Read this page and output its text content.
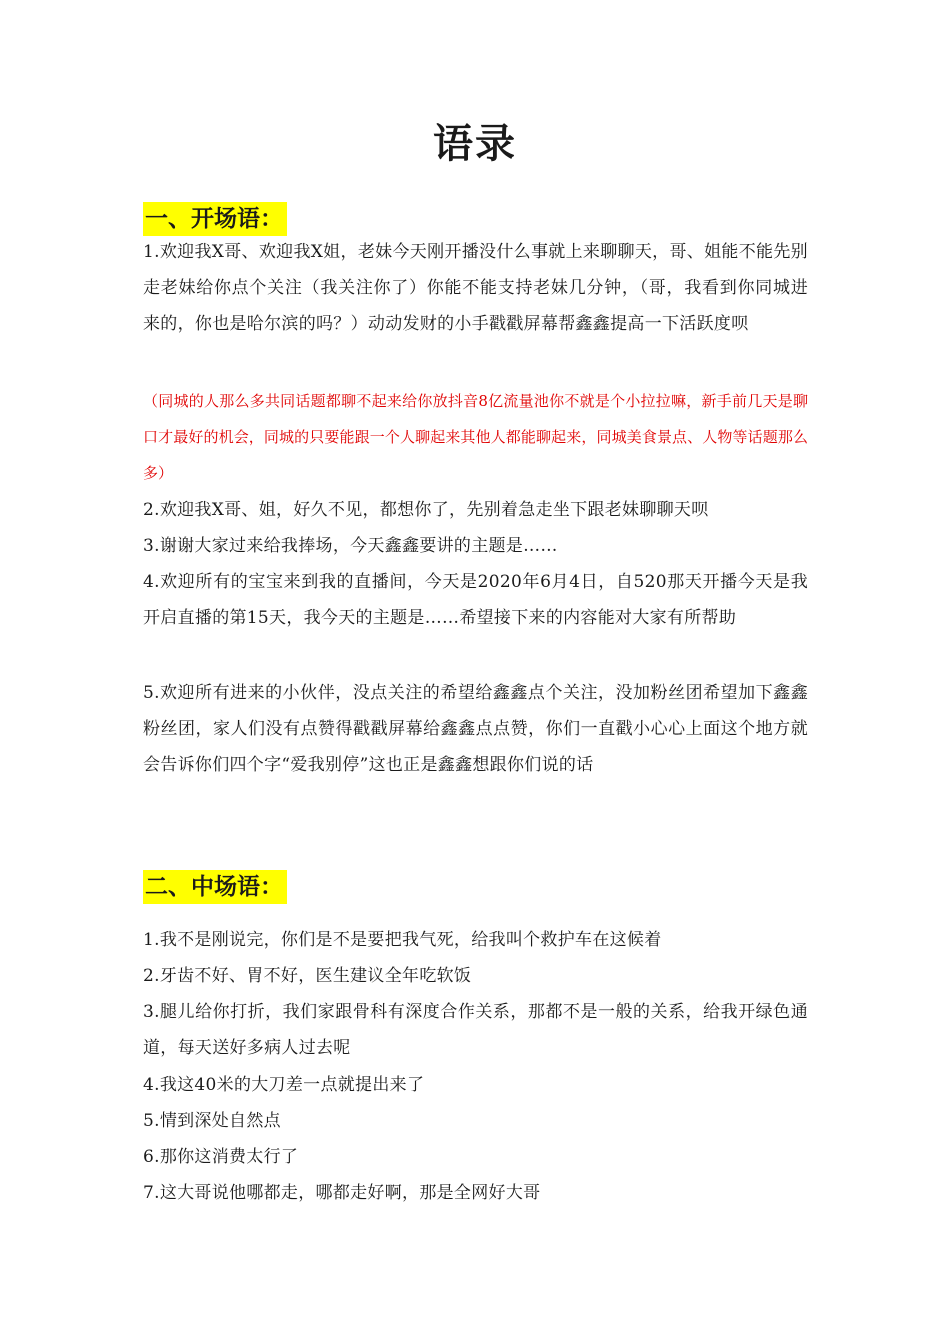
语录
一、开场语：

1.欢迎我X哥、欢迎我X姐，老妹今天刚开播没什么事就上来聊聊天，哥、姐能不能先别走老妹给你点个关注（我关注你了）你能不能支持老妹几分钟，（哥，我看到你同城进来的，你也是哈尔滨的吗？）动动发财的小手戳戳屏幕帮鑫鑫提高一下活跃度呗

（同城的人那么多共同话题都聊不起来给你放抖音8亿流量池你不就是个小拉拉嘛，新手前几天是聊口才最好的机会，同城的只要能跟一个人聊起来其他人都能聊起来，同城美食景点、人物等话题那么多）

2.欢迎我X哥、姐，好久不见，都想你了，先别着急走坐下跟老妹聊聊天呗

3.谢谢大家过来给我捧场，今天鑫鑫要讲的主题是……

4.欢迎所有的宝宝来到我的直播间，今天是2020年6月4日，自520那天开播今天是我开启直播的第15天，我今天的主题是……希望接下来的内容能对大家有所帮助

5.欢迎所有进来的小伙伴，没点关注的希望给鑫鑫点个关注，没加粉丝团希望加下鑫鑫粉丝团，家人们没有点赞得戳戳屏幕给鑫鑫点点赞，你们一直戳小心心上面这个地方就会告诉你们四个字“爱我别停”这也正是鑫鑫想跟你们说的话

二、中场语：

1.我不是刚说完，你们是不是要把我气死，给我叫个救护车在这候着

2.牙齿不好、胃不好，医生建议全年吃软饭

3.腿儿给你打折，我们家跟骨科有深度合作关系，那都不是一般的关系，给我开绿色通道，每天送好多病人过去呢

4.我这40米的大刀差一点就提出来了

5.情到深处自然点

6.那你这消费太行了

7.这大哥说他哪都走，哪都走好啊，那是全网好大哥
